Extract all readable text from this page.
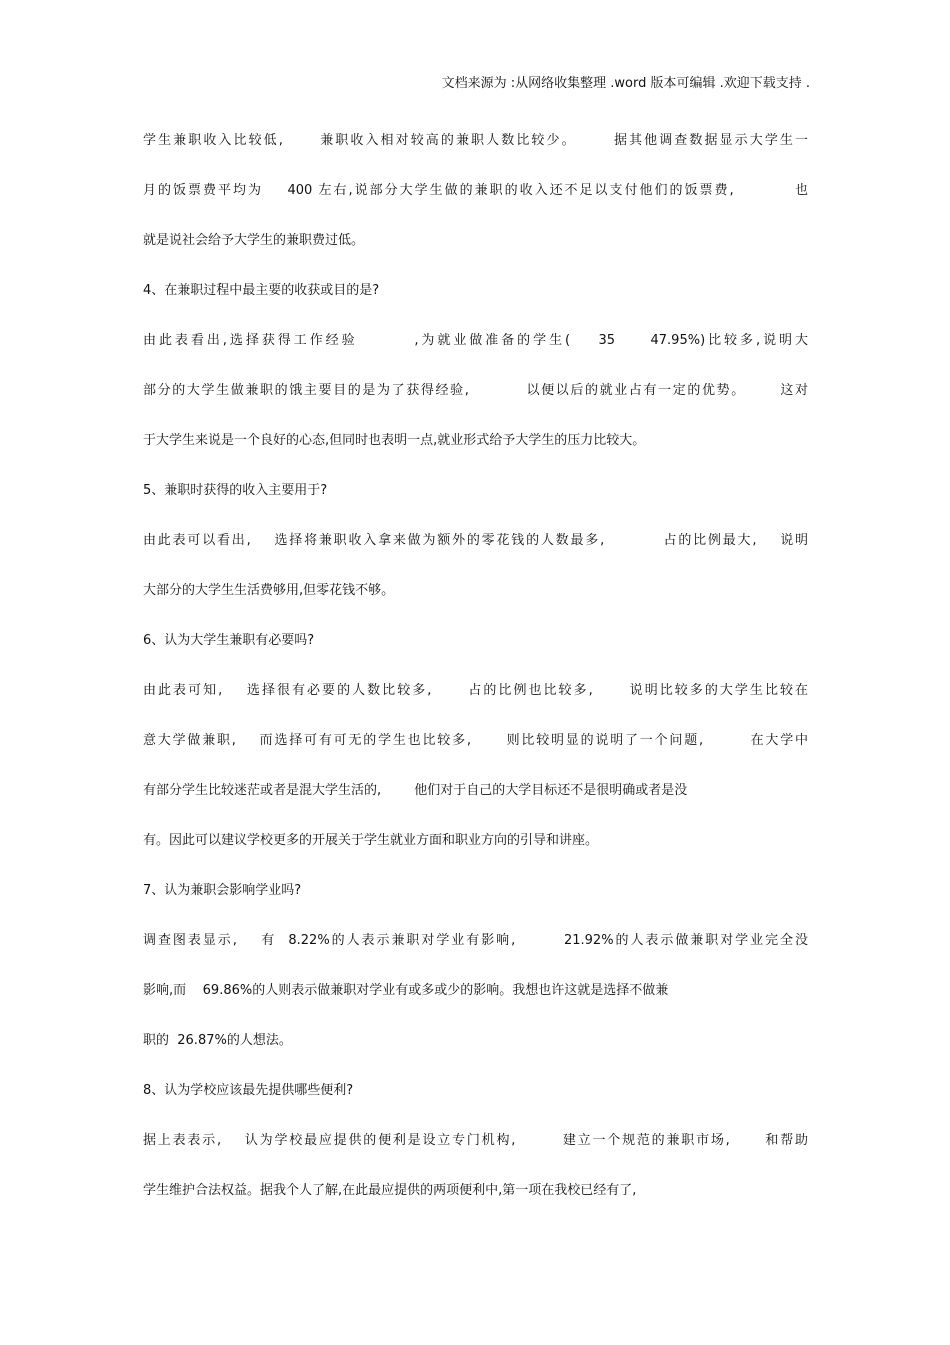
文档来源为 :从网络收集整理 .word 版本可编辑 .欢迎下载支持 .
学生兼职收入比较低,      兼职收入相对较高的兼职人数比较少。      据其他调查数据显示大学生一
月的饭票费平均为    400 左右,说部分大学生做的兼职的收入还不足以支付他们的饭票费,          也
就是说社会给予大学生的兼职费过低。
4、在兼职过程中最主要的收获或目的是?
由此表看出,选择获得工作经验        ,为就业做准备的学生(    35     47.95%)比较多,说明大
部分的大学生做兼职的饿主要目的是为了获得经验,          以便以后的就业占有一定的优势。      这对
于大学生来说是一个良好的心态,但同时也表明一点,就业形式给予大学生的压力比较大。
5、兼职时获得的收入主要用于?
由此表可以看出,    选择将兼职收入拿来做为额外的零花钱的人数最多,          占的比例最大,    说明
大部分的大学生生活费够用,但零花钱不够。
6、认为大学生兼职有必要吗?
由此表可知,    选择很有必要的人数比较多,      占的比例也比较多,      说明比较多的大学生比较在
意大学做兼职,    而选择可有可无的学生也比较多,      则比较明显的说明了一个问题,        在大学中
有部分学生比较迷茫或者是混大学生活的,        他们对于自己的大学目标还不是很明确或者是没
有。因此可以建议学校更多的开展关于学生就业方面和职业方向的引导和讲座。
7、认为兼职会影响学业吗?
调查图表显示,    有  8.22%的人表示兼职对学业有影响,        21.92%的人表示做兼职对学业完全没
影响,而    69.86%的人则表示做兼职对学业有或多或少的影响。我想也许这就是选择不做兼
职的  26.87%的人想法。
8、认为学校应该最先提供哪些便利?
据上表表示,    认为学校最应提供的便利是设立专门机构,        建立一个规范的兼职市场,      和帮助
学生维护合法权益。据我个人了解,在此最应提供的两项便利中,第一项在我校已经有了,
